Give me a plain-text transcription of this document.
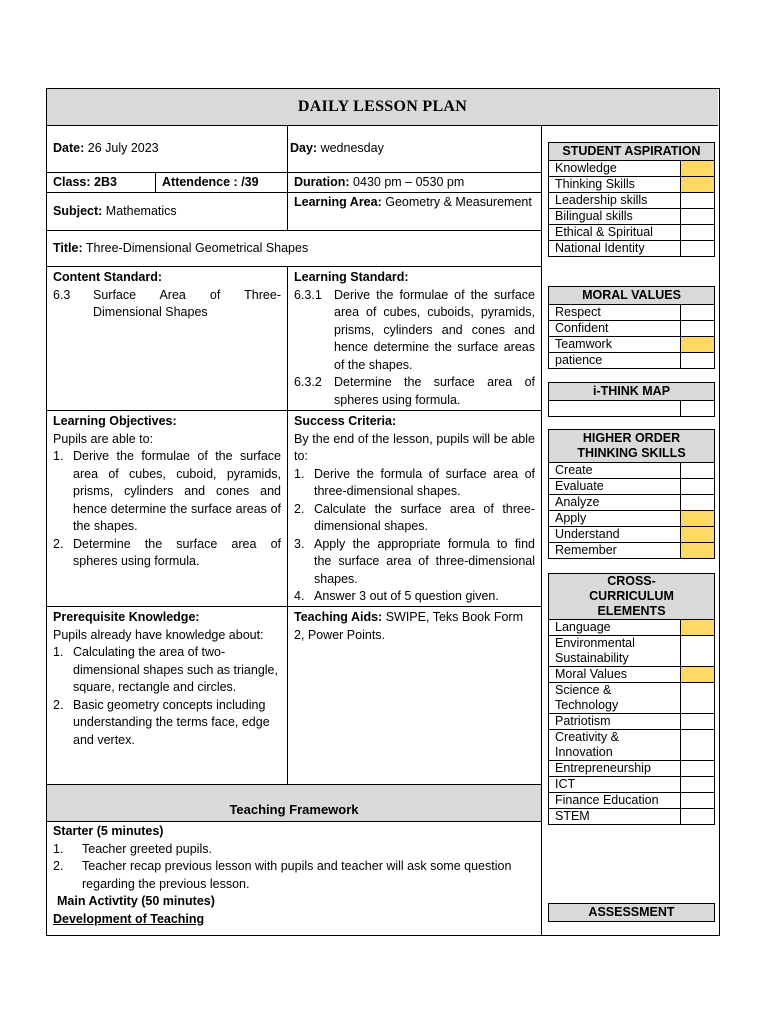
DAILY LESSON PLAN
Date: 26 July 2023	Day: wednesday
Class: 2B3	Attendence : /39	Duration: 0430 pm – 0530 pm
Subject: Mathematics
Learning Area: Geometry & Measurement
Title: Three-Dimensional Geometrical Shapes
Content Standard:
6.3 Surface Area of Three-Dimensional Shapes
Learning Standard:
6.3.1 Derive the formulae of the surface area of cubes, cuboids, pyramids, prisms, cylinders and cones and hence determine the surface areas of the shapes.
6.3.2 Determine the surface area of spheres using formula.
Learning Objectives:
Pupils are able to:
1. Derive the formulae of the surface area of cubes, cuboid, pyramids, prisms, cylinders and cones and hence determine the surface areas of the shapes.
2. Determine the surface area of spheres using formula.
Success Criteria:
By the end of the lesson, pupils will be able to:
1. Derive the formula of surface area of three-dimensional shapes.
2. Calculate the surface area of three-dimensional shapes.
3. Apply the appropriate formula to find the surface area of three-dimensional shapes.
4. Answer 3 out of 5 question given.
Prerequisite Knowledge:
Pupils already have knowledge about:
1. Calculating the area of two-dimensional shapes such as triangle, square, rectangle and circles.
2. Basic geometry concepts including understanding the terms face, edge and vertex.
Teaching Aids: SWIPE, Teks Book Form 2, Power Points.
Teaching Framework
Starter (5 minutes)
1. Teacher greeted pupils.
2. Teacher recap previous lesson with pupils and teacher will ask some question regarding the previous lesson.
Main Activtity (50 minutes)
Development of Teaching
STUDENT ASPIRATION
Knowledge
Thinking Skills
Leadership skills
Bilingual skills
Ethical & Spiritual
National Identity
MORAL VALUES
Respect
Confident
Teamwork
patience
i-THINK MAP
HIGHER ORDER THINKING SKILLS
Create
Evaluate
Analyze
Apply
Understand
Remember
CROSS-CURRICULUM ELEMENTS
Language
Environmental Sustainability
Moral Values
Science & Technology
Patriotism
Creativity & Innovation
Entrepreneurship
ICT
Finance Education
STEM
ASSESSMENT
